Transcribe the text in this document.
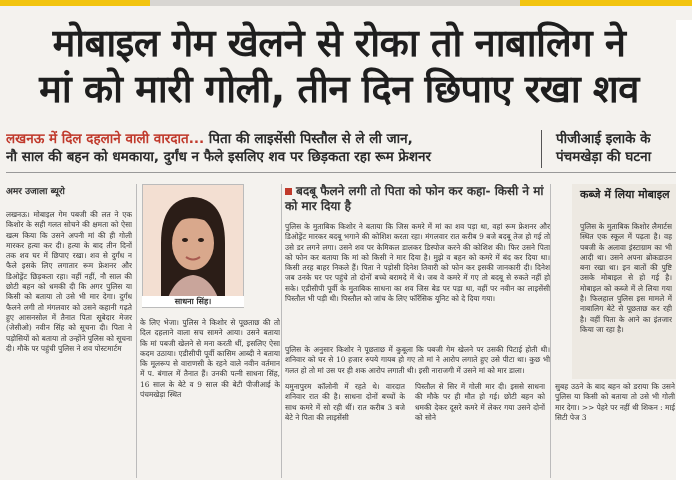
मोबाइल गेम खेलने से रोका तो नाबालिग ने
मां को मारी गोली, तीन दिन छिपाए रखा शव
लखनऊ में दिल दहलाने वाली वारदात... पिता की लाइसेंसी पिस्तौल से ले ली जान,
नौ साल की बहन को धमकाया, दुर्गंध न फैले इसलिए शव पर छिड़कता रहा रूम फ्रेशनर
पीजीआई इलाके के पंचमखेड़ा की घटना
अमर उजाला ब्यूरो

लखनऊ। मोबाइल गेम पबजी की लत ने एक किशोर के सही गलत सोचने की क्षमता को ऐसा खत्म किया कि उसने अपनी मां की ही गोली मारकर हत्या कर दी। हत्या के बाद तीन दिनों तक शव घर में छिपाए रखा। शव से दुर्गंध न फैले इसके लिए लगातार रूम फ्रेशनर और डिओड्रेंट छिड़कता रहा। वहीं नहीं, नौ साल की छोटी बहन को धमकी दी कि अगर पुलिस या किसी को बताया तो उसे भी मार देगा। दुर्गंध फैलने लगी तो मंगलवार को उसने कहानी गढ़ते हुए आसनसोल में तैनात पिता सूबेदार मेजर (जेसीओ) नवीन सिंह को सूचना दी। पिता ने पड़ोसियों को बताया तो उन्होंने पुलिस को सूचना दी। मौके पर पहुंची पुलिस ने शव पोस्टमार्टम

साधना सिंह।

के लिए भेजा। पुलिस ने किशोर से पूछताछ की तो दिल दहलाने वाला सच सामने आया। उसने बताया कि मां पबजी खेलने से मना करती थीं, इसलिए ऐसा कदम उठाया। एडीसीपी पूर्वी कासिम आब्दी ने बताया कि मूलरूप से वाराणसी के रहने वाले नवीन वर्तमान में प. बंगाल में तैनात हैं। उनकी पत्नी साधना सिंह, 16 साल के बेटे व 9 साल की बेटी पीजीआई के पंचमखेड़ा स्थित

बदबू फैलने लगी तो पिता को फोन कर कहा- किसी ने मां को मार दिया है

पुलिस के मुताबिक किशोर ने बताया कि जिस कमरे में मां का शव पड़ा था, वहां रूम फ्रेशनर और डिओड्रेंट मारकर बदबू भगाने की कोशिश करता रहा। मंगलवार रात करीब 9 बजे बदबू तेज हो गई तो उसे डर लगने लगा। उसने शव पर केमिकल डालकर डिस्पोज करने की कोशिश की। फिर उसने पिता को फोन कर बताया कि मां को किसी ने मार दिया है। मुझे व बहन को कमरे में बंद कर दिया था। किसी तरह बाहर निकले हैं। पिता ने पड़ोसी दिनेश तिवारी को फोन कर इसकी जानकारी दी। दिनेश जब उनके घर पर पहुंचे तो दोनों बच्चे बरामदे में थे। जब वे कमरे में गए तो बदबू से रुकते नहीं हो सके। एडीसीपी पूर्वी के मुताबिक साधना का शव जिस बेड पर पड़ा था, वहीं पर नवीन का लाइसेंसी पिस्तौल भी पड़ी थी। पिस्तौल को जांच के लिए फॉरेंसिक यूनिट को दे दिया गया।

पुलिस के अनुसार किशोर ने पूछताछ में कुबूला कि पबजी गेम खेलने पर उसकी पिटाई होती थी। शनिवार को घर से 10 हजार रुपये गायब हो गए तो मां ने आरोप लगाते हुए उसे पीटा था। कुछ भी गलत हो तो मां उस पर ही शक आरोप लगाती थी। इसी नाराजगी में उसने मां को मार डाला।

यमुनापुरम कॉलोनी में रहते थे। वारदात शनिवार रात की है। साधना दोनों बच्चों के साथ कमरे में सो रही थीं। रात करीब 3 बजे बेटे ने पिता की लाइसेंसी

पिस्तौल से सिर में गोली मार दी। इससे साधना की मौके पर ही मौत हो गई। छोटी बहन को धमकी देकर दूसरे कमरे में लेकर गया उसने दोनों को सोने

कब्जे में लिया मोबाइल

पुलिस के मुताबिक किशोर लैमार्टस स्थित एक स्कूल में पढ़ता है। वह पबजी के अलावा इंस्टाग्राम का भी आदी था। उसने अपना ब्रोकडाउन बना रखा था। इन बातों की पुष्टि उसके मोबाइल से हो गई है। मोबाइल को कब्जे में ले लिया गया है। फिलहाल पुलिस इस मामले में नाबालिग बेटे से पूछताछ कर रही है। वहीं पिता के आने का इंतजार किया जा रहा है।

सुबह उठने के बाद बहन को डराया कि उसने पुलिस या किसी को बताया तो उसे भी गोली मार देगा। >> पेहरे पर नहीं थी शिकन : माई सिटी पेज 3
